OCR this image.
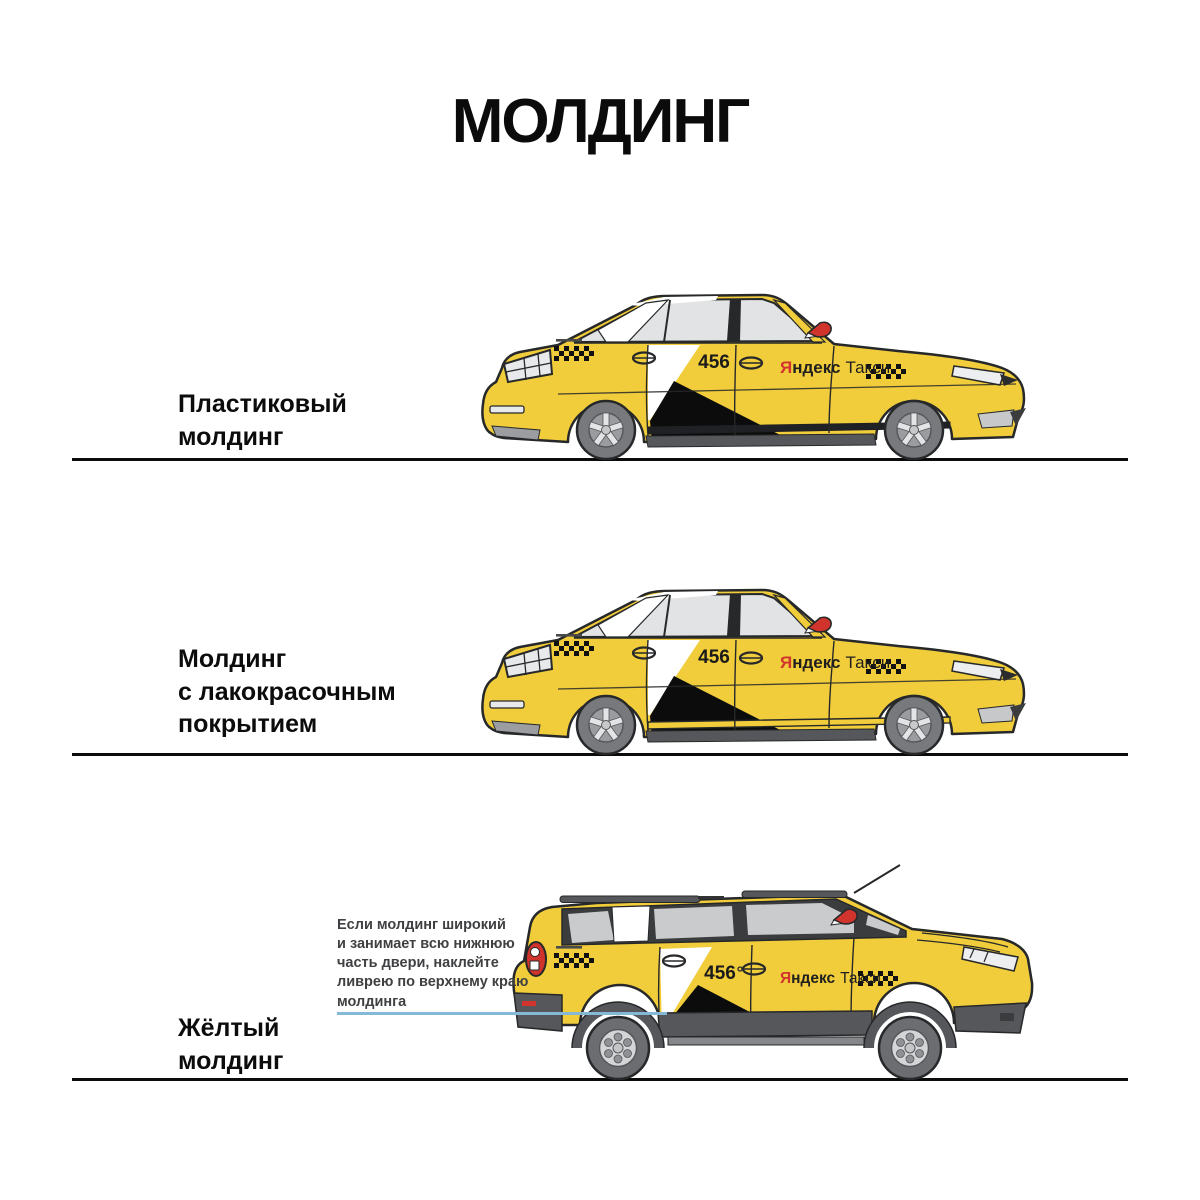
МОЛДИНГ
Пластиковый
молдинг
456	Яндекс Такси
Молдинг
с лакокрасочным
покрытием
456	Яндекс Такси
Если молдинг широкий
и занимает всю нижнюю
часть двери, наклейте
ливрею по верхнему краю
молдинга
Жёлтый
молдинг
456	Яндекс Такси
